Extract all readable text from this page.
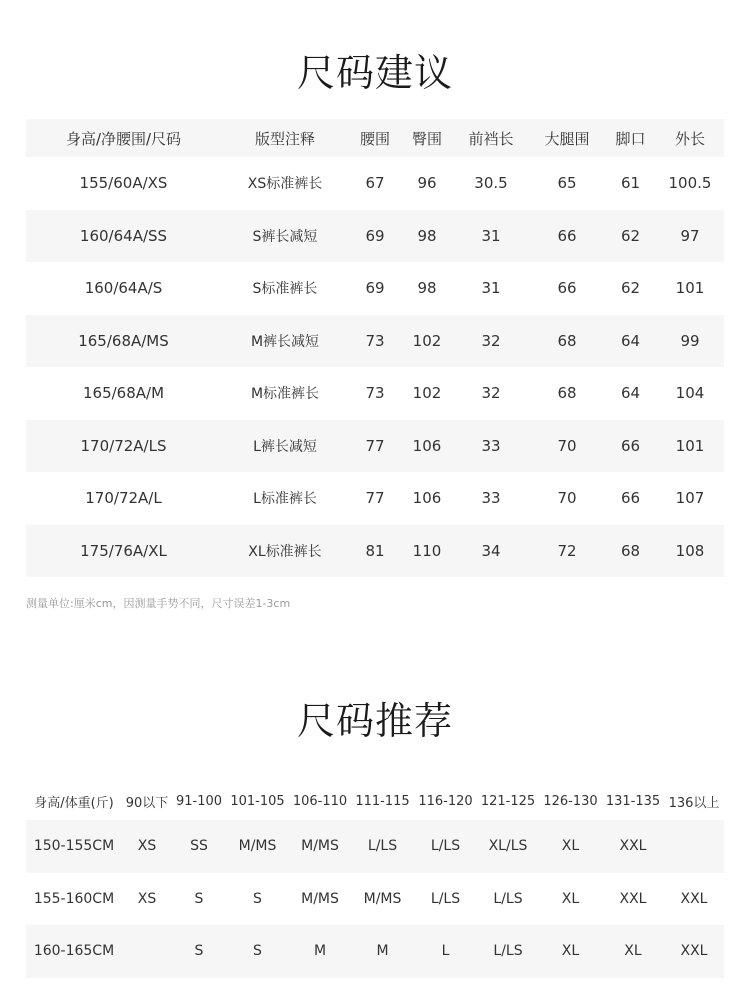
尺码建议
身高/净腰围/尺码	版型注释	腰围	臀围	前裆长	大腿围	脚口	外长
155/60A/XS	XS标准裤长	67	96	30.5	65	61	100.5
160/64A/SS	S裤长减短	69	98	31	66	62	97
160/64A/S	S标准裤长	69	98	31	66	62	101
165/68A/MS	M裤长减短	73	102	32	68	64	99
165/68A/M	M标准裤长	73	102	32	68	64	104
170/72A/LS	L裤长减短	77	106	33	70	66	101
170/72A/L	L标准裤长	77	106	33	70	66	107
175/76A/XL	XL标准裤长	81	110	34	72	68	108
测量单位:厘米cm，因测量手势不同，尺寸误差1-3cm
尺码推荐
身高/体重(斤)	90以下	91-100	101-105	106-110	111-115	116-120	121-125	126-130	131-135	136以上
150-155CM	XS	SS	M/MS	M/MS	L/LS	L/LS	XL/LS	XL	XXL	
155-160CM	XS	S	S	M/MS	M/MS	L/LS	L/LS	XL	XXL	XXL
160-165CM		S	S	M	M	L	L/LS	XL	XL	XXL
